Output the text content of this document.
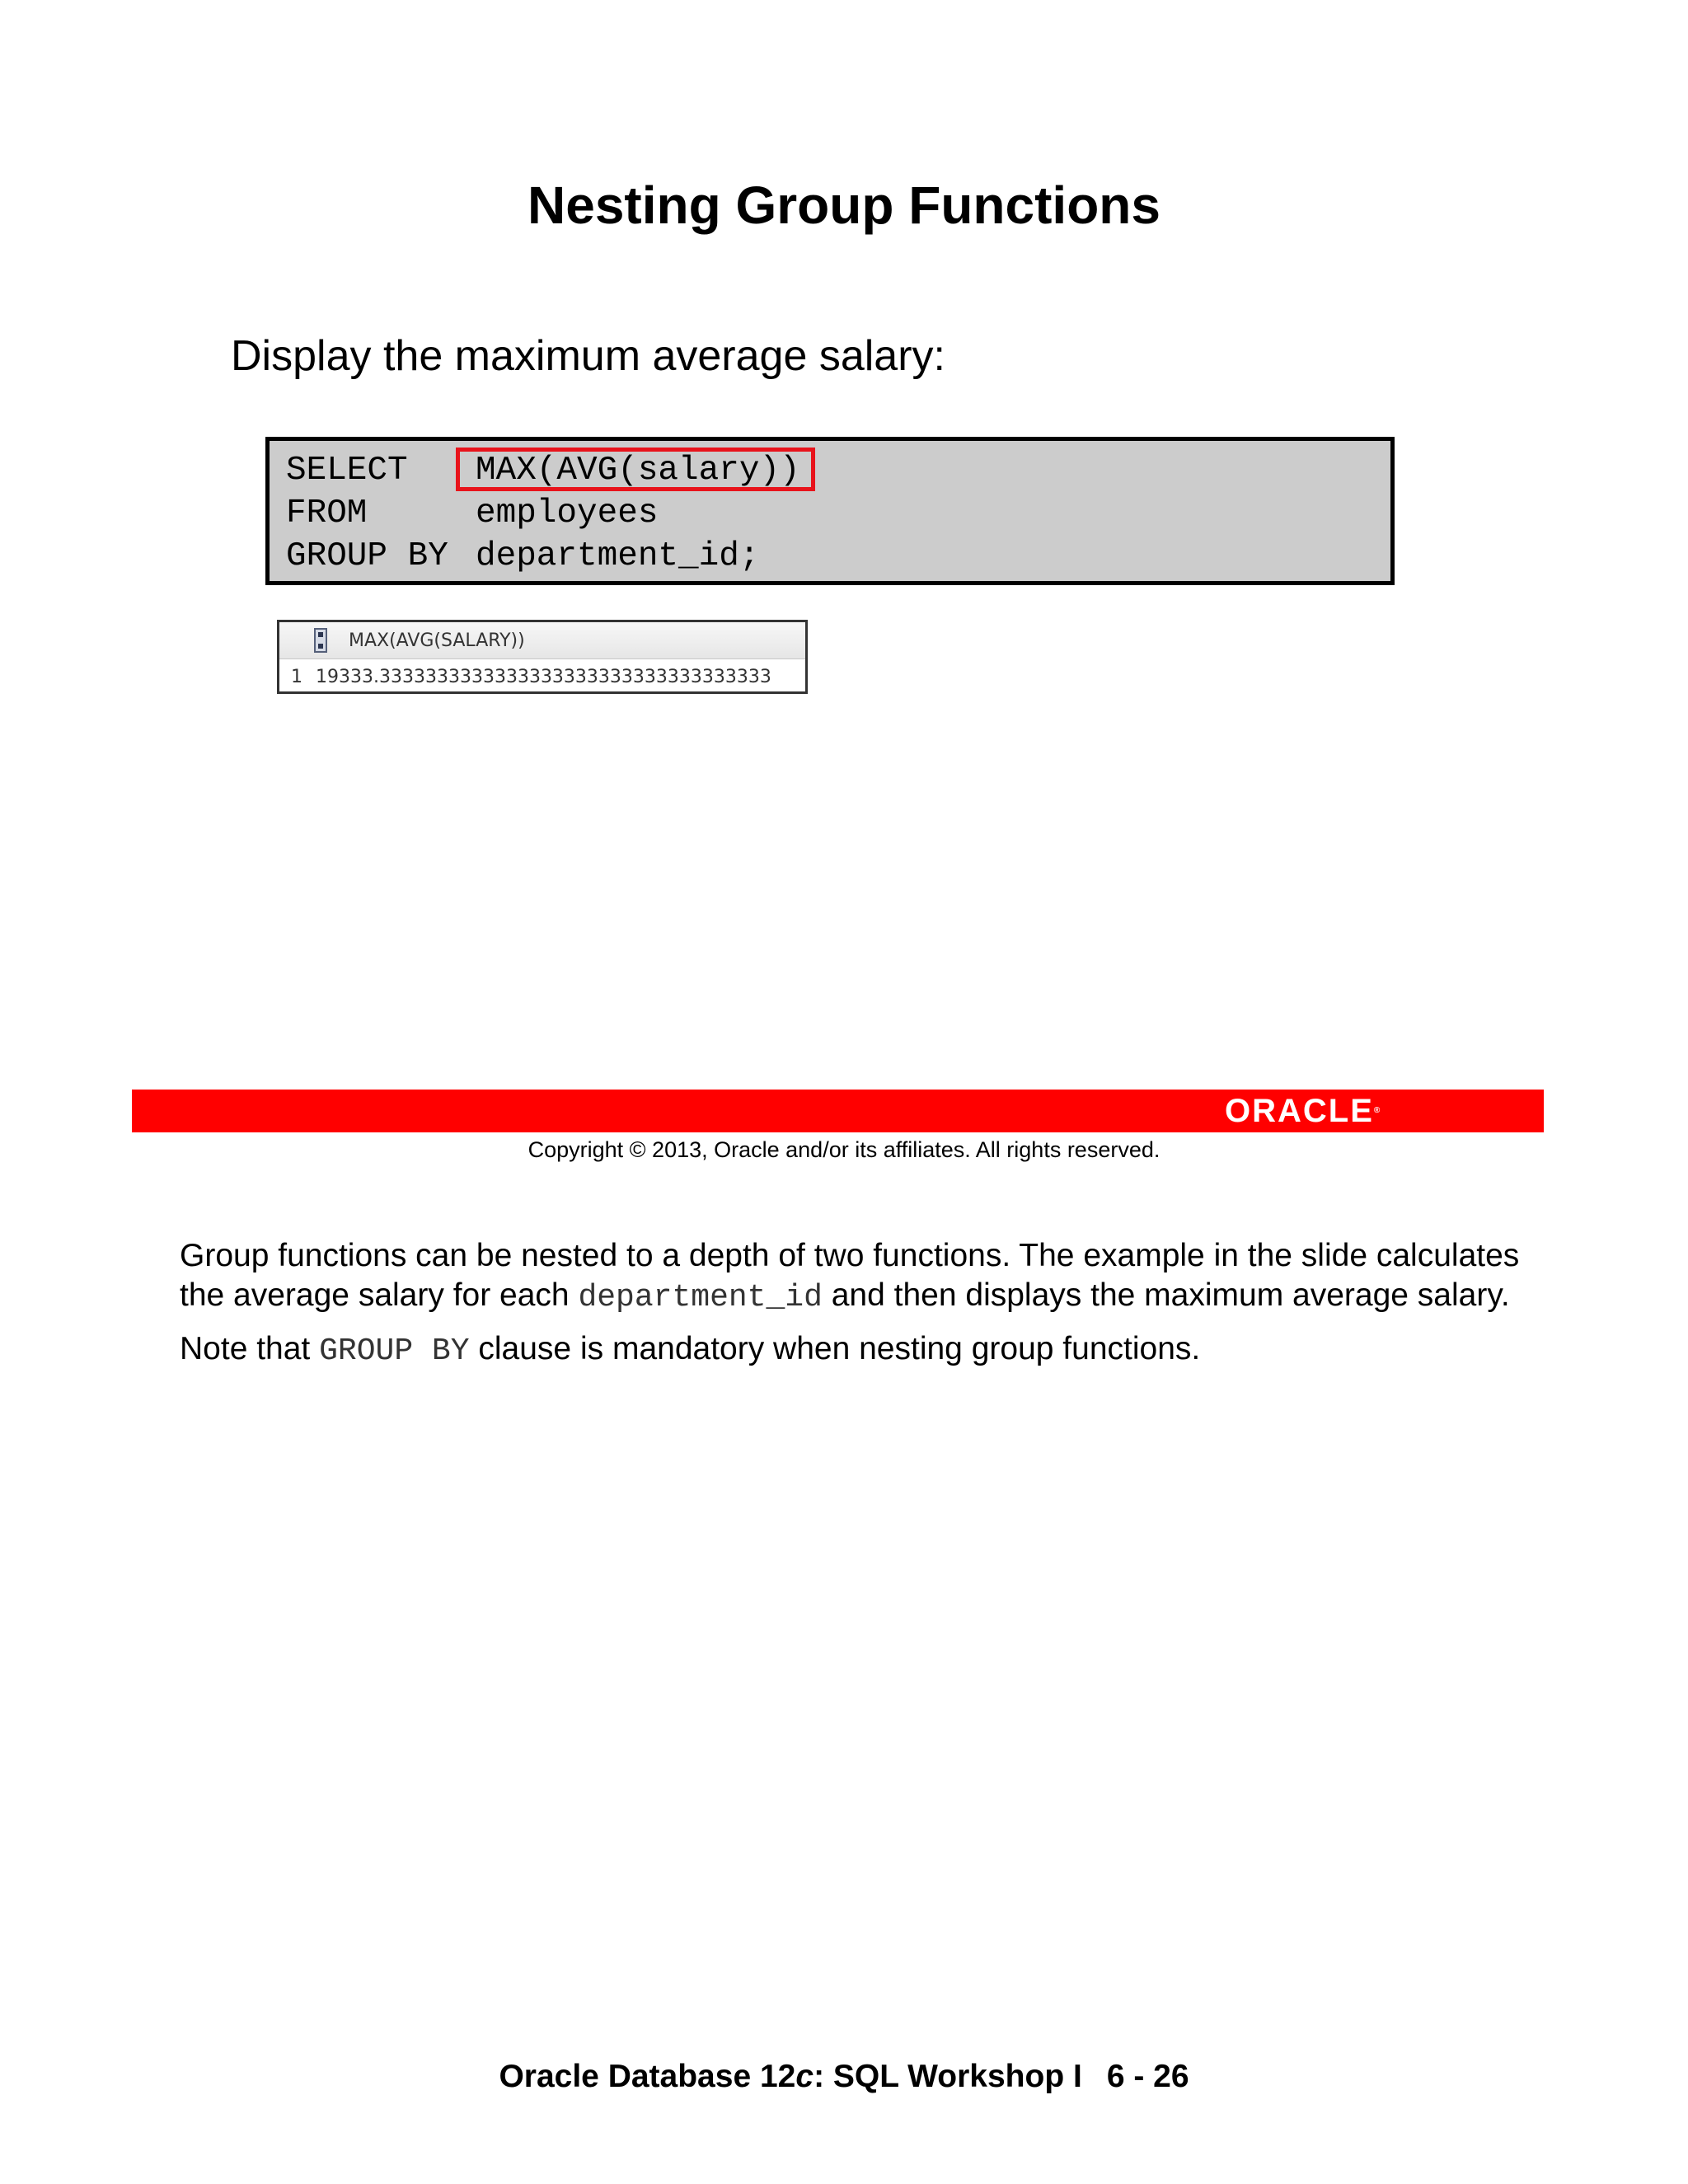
Nesting Group Functions

Display the maximum average salary:

SELECT

MAX(AVG(salary))

FROM

	employees

GROUP BY

department_id;

MAX(AVG(SALARY))
1 19333.3333333333333333333333333333333333
ORACLE®
Copyright © 2013, Oracle and/or its affiliates. All rights reserved.

Group functions can be nested to a depth of two functions. The example in the slide calculates the average salary for each department_id and then displays the maximum average salary.

Note that GROUP BY clause is mandatory when nesting group functions.

Oracle Database 12c: SQL Workshop I 6 - 26
